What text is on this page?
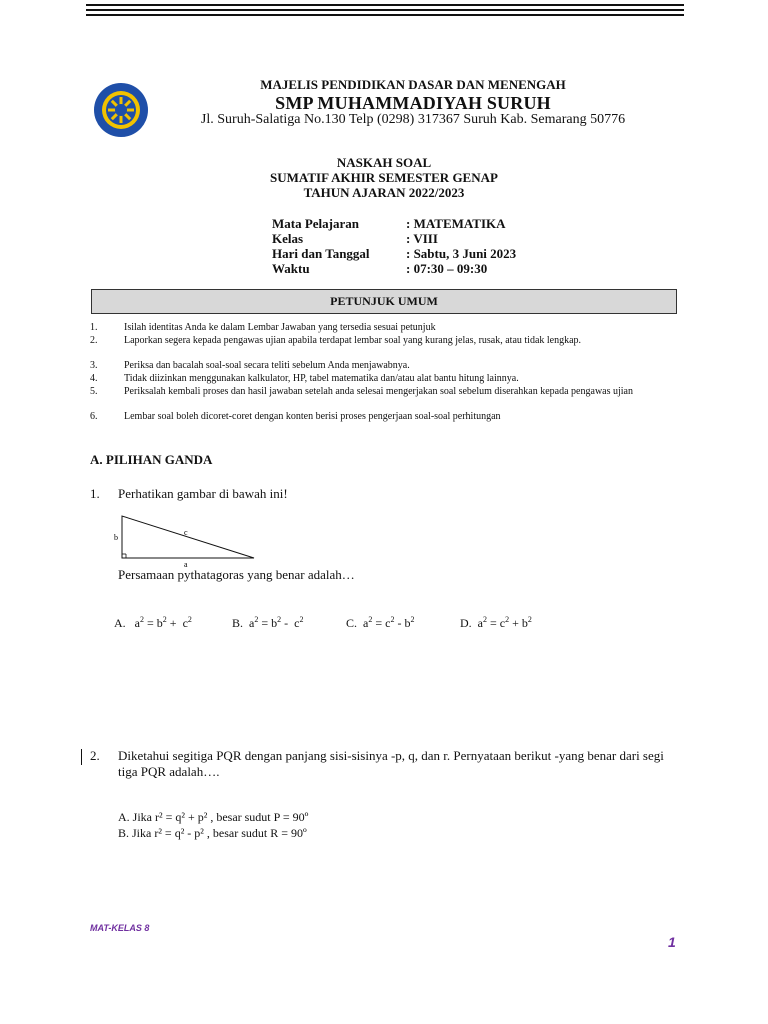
MAJELIS PENDIDIKAN DASAR DAN MENENGAH
SMP MUHAMMADIYAH SURUH
Jl. Suruh-Salatiga No.130 Telp (0298) 317367 Suruh Kab. Semarang 50776
NASKAH SOAL
SUMATIF AKHIR SEMESTER GENAP
TAHUN AJARAN 2022/2023
Mata Pelajaran	: MATEMATIKA
Kelas	: VIII
Hari dan Tanggal	: Sabtu, 3 Juni 2023
Waktu	: 07:30 – 09:30
PETUNJUK UMUM
1.	Isilah identitas Anda ke dalam Lembar Jawaban yang tersedia sesuai petunjuk
2.	Laporkan segera kepada pengawas ujian apabila terdapat lembar soal yang kurang jelas, rusak, atau tidak lengkap.
3.	Periksa dan bacalah soal-soal secara teliti sebelum Anda menjawabnya.
4.	Tidak diizinkan menggunakan kalkulator, HP, tabel matematika dan/atau alat bantu hitung lainnya.
5.	Periksalah kembali proses dan hasil jawaban setelah anda selesai mengerjakan soal sebelum diserahkan kepada pengawas ujian
6.	Lembar soal boleh dicoret-coret dengan konten berisi proses pengerjaan soal-soal perhitungan
A. PILIHAN GANDA
1. Perhatikan gambar di bawah ini!
b
c
a
Persamaan pythatagoras yang benar adalah…
A. $a^2 = b^2 + c^2$	B. $a^2 = b^2 - c^2$	C. $a^2 = c^2 - b^2$	D. $a^2 = c^2 + b^2$
2. Diketahui segitiga PQR dengan panjang sisi-sisinya -p, q, dan r. Pernyataan berikut -yang benar dari segi tiga PQR adalah….
A. Jika r² = q² + p² , besar sudut P = 90º
B. Jika r² = q² - p² , besar sudut R = 90º
MAT-KELAS 8
1
